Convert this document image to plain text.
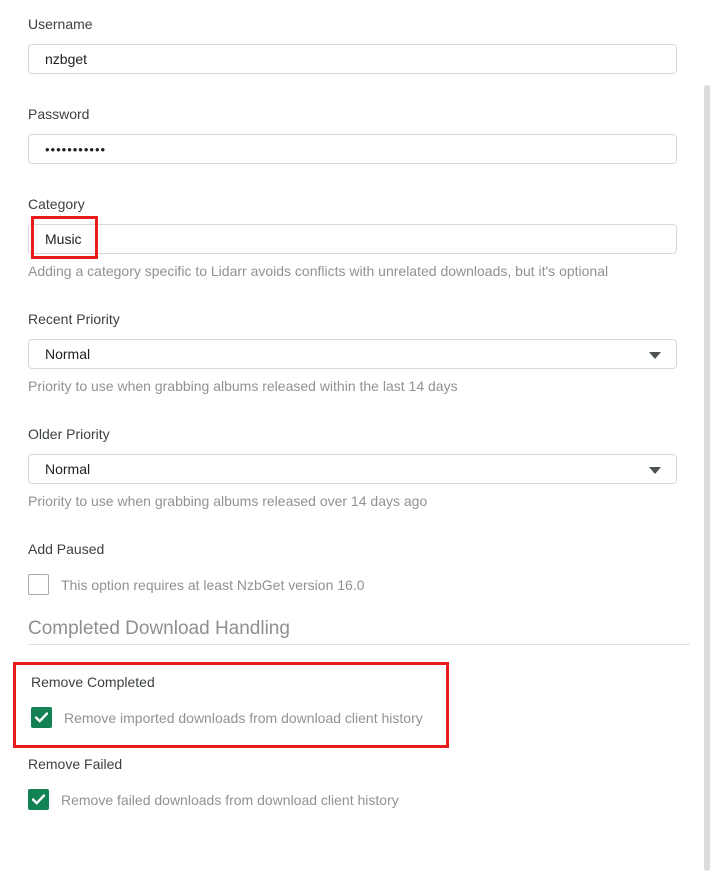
Username
nzbget
Password
•••••••••••
Category
Music
Adding a category specific to Lidarr avoids conflicts with unrelated downloads, but it's optional
Recent Priority
Normal
Priority to use when grabbing albums released within the last 14 days
Older Priority
Normal
Priority to use when grabbing albums released over 14 days ago
Add Paused
This option requires at least NzbGet version 16.0
Completed Download Handling
Remove Completed
Remove imported downloads from download client history
Remove Failed
Remove failed downloads from download client history
